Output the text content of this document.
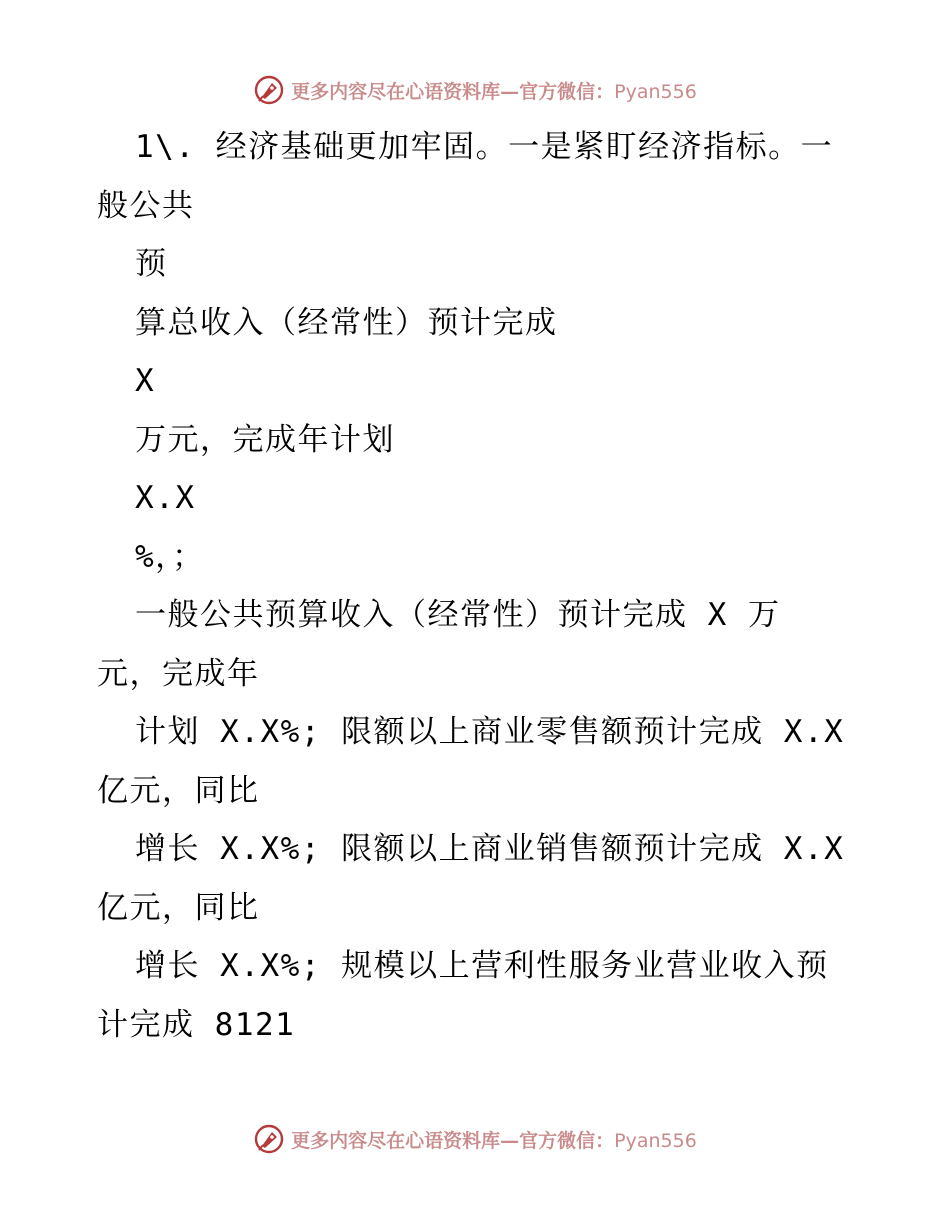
更多内容尽在心语资料库—官方微信：Pyan556
1\. 经济基础更加牢固。一是紧盯经济指标。一
般公共
预
算总收入（经常性）预计完成
X
万元，完成年计划
X.X
%，；
一般公共预算收入（经常性）预计完成 X 万
元，完成年
计划 X.X%; 限额以上商业零售额预计完成 X.X
亿元，同比
增长 X.X%; 限额以上商业销售额预计完成 X.X
亿元，同比
增长 X.X%; 规模以上营利性服务业营业收入预
计完成 8121
更多内容尽在心语资料库—官方微信：Pyan556
